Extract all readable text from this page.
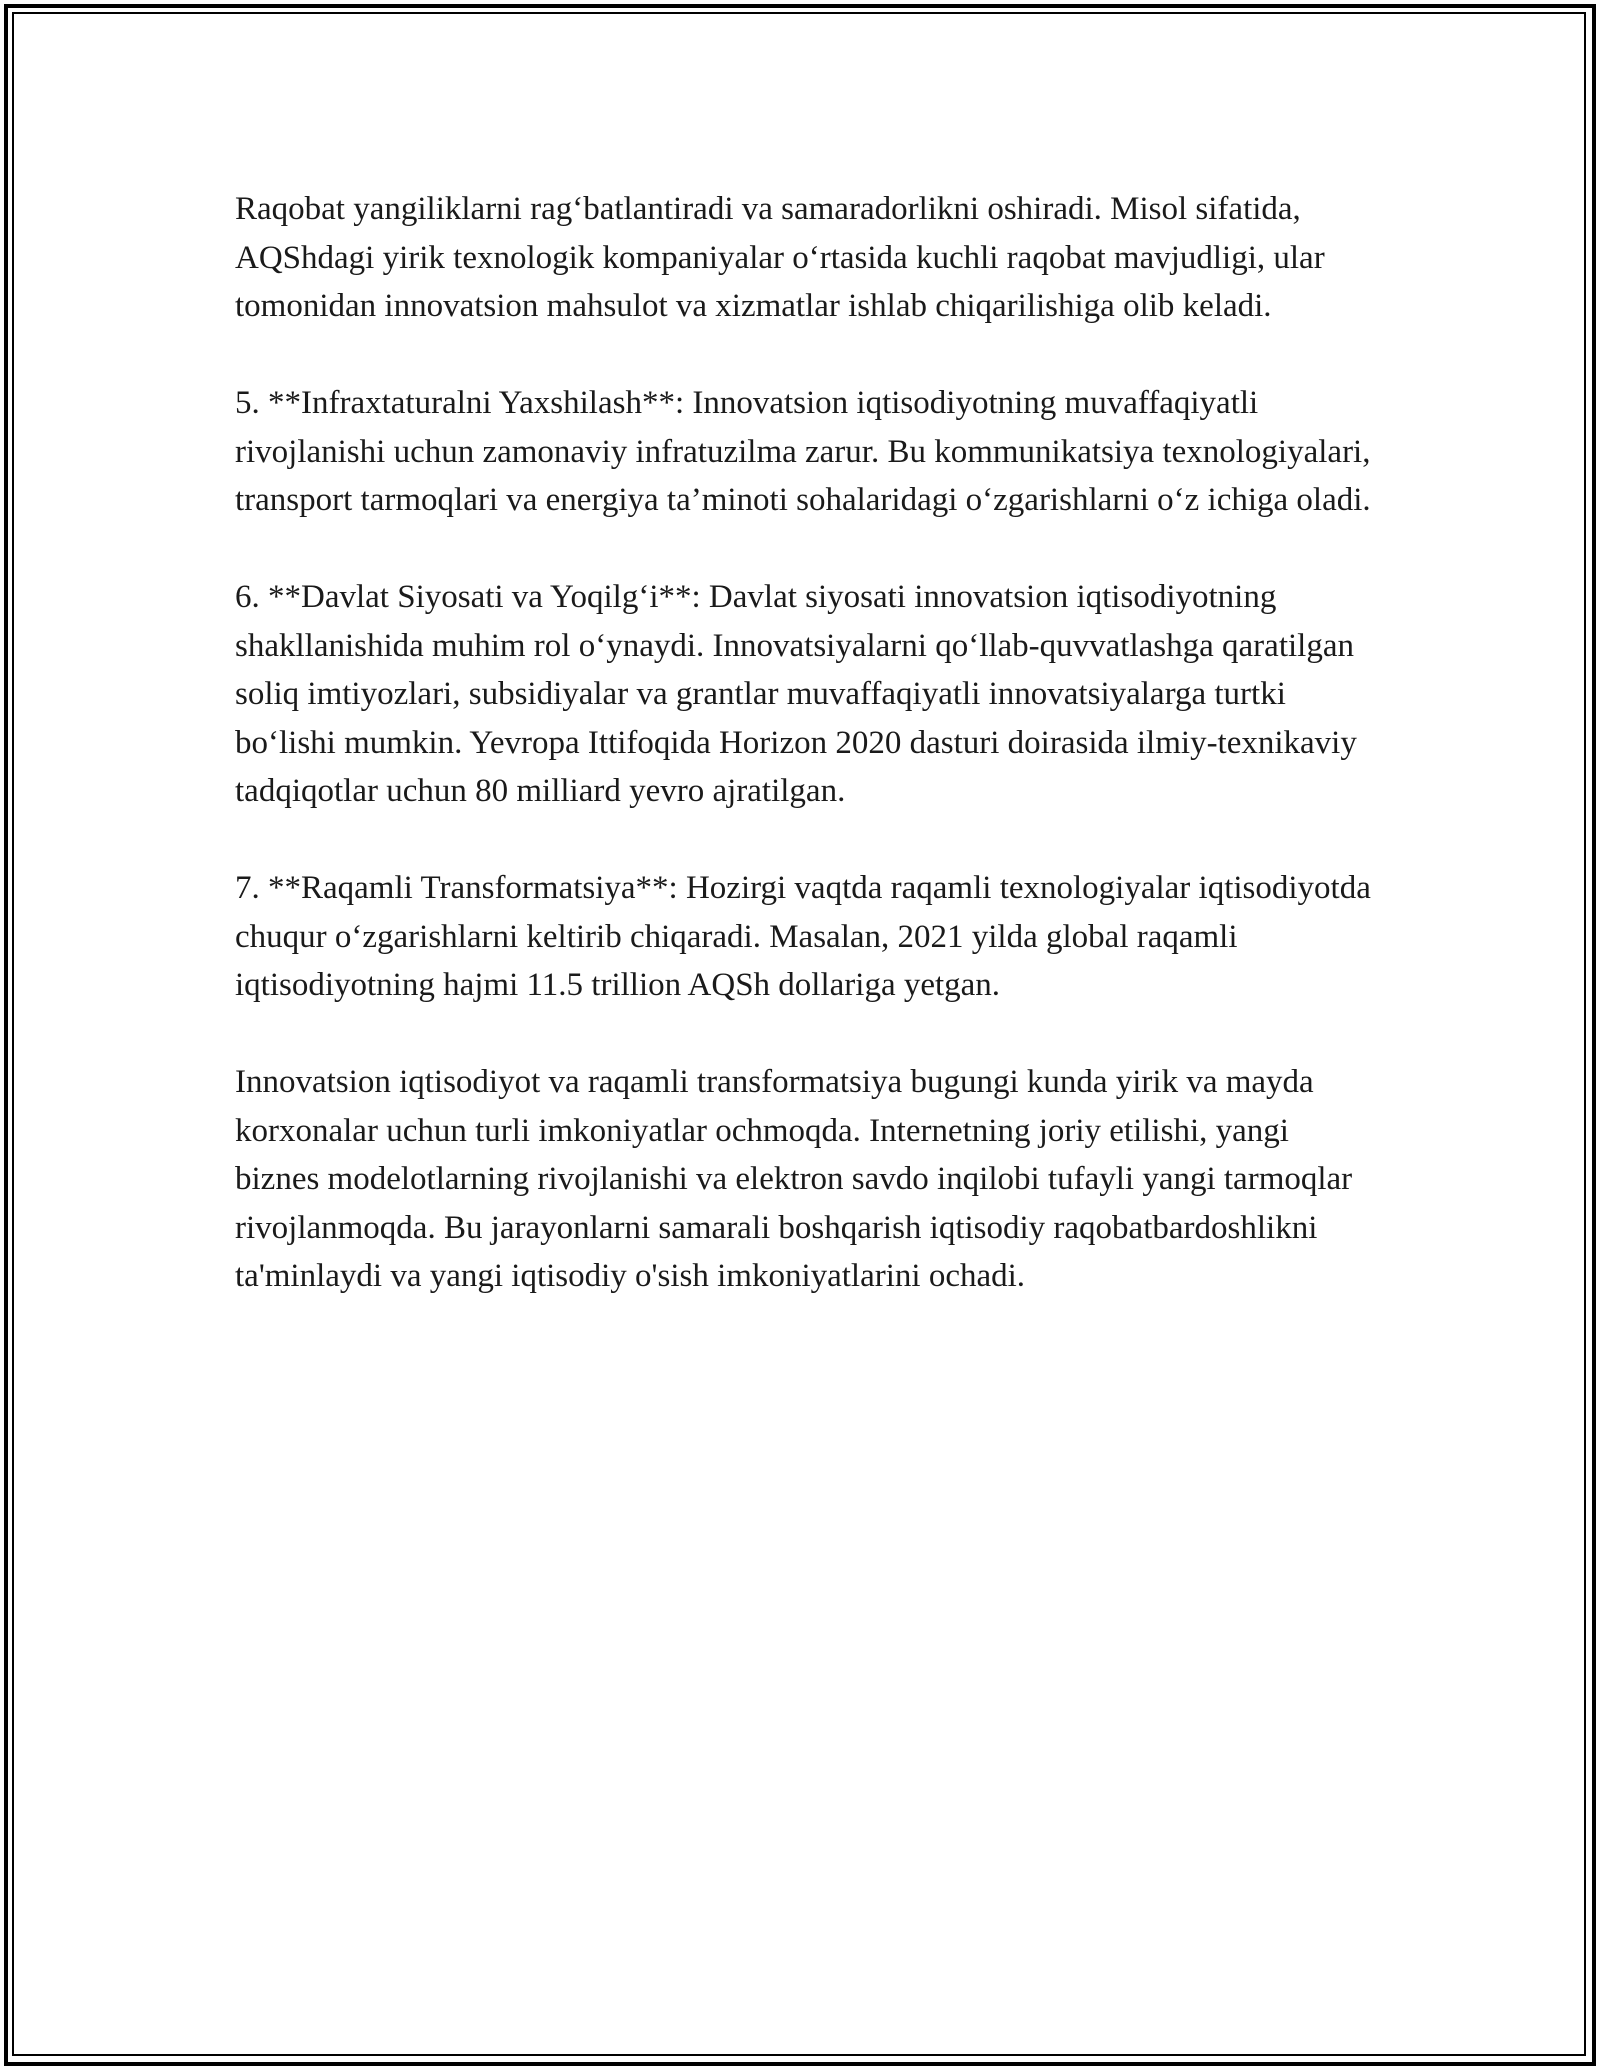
Raqobat yangiliklarni rag‘batlantiradi va samaradorlikni oshiradi. Misol sifatida, AQShdagi yirik texnologik kompaniyalar o‘rtasida kuchli raqobat mavjudligi, ular tomonidan innovatsion mahsulot va xizmatlar ishlab chiqarilishiga olib keladi.

5. **Infraxtaturalni Yaxshilash**: Innovatsion iqtisodiyotning muvaffaqiyatli rivojlanishi uchun zamonaviy infratuzilma zarur. Bu kommunikatsiya texnologiyalari, transport tarmoqlari va energiya ta’minoti sohalaridagi o‘zgarishlarni o‘z ichiga oladi.

6. **Davlat Siyosati va Yoqilg‘i**: Davlat siyosati innovatsion iqtisodiyotning shakllanishida muhim rol o‘ynaydi. Innovatsiyalarni qo‘llab-quvvatlashga qaratilgan soliq imtiyozlari, subsidiyalar va grantlar muvaffaqiyatli innovatsiyalarga turtki bo‘lishi mumkin. Yevropa Ittifoqida Horizon 2020 dasturi doirasida ilmiy-texnikaviy tadqiqotlar uchun 80 milliard yevro ajratilgan.

7. **Raqamli Transformatsiya**: Hozirgi vaqtda raqamli texnologiyalar iqtisodiyotda chuqur o‘zgarishlarni keltirib chiqaradi. Masalan, 2021 yilda global raqamli iqtisodiyotning hajmi 11.5 trillion AQSh dollariga yetgan.

Innovatsion iqtisodiyot va raqamli transformatsiya bugungi kunda yirik va mayda korxonalar uchun turli imkoniyatlar ochmoqda. Internetning joriy etilishi, yangi biznes modelotlarning rivojlanishi va elektron savdo inqilobi tufayli yangi tarmoqlar rivojlanmoqda. Bu jarayonlarni samarali boshqarish iqtisodiy raqobatbardoshlikni ta'minlaydi va yangi iqtisodiy o'sish imkoniyatlarini ochadi.
